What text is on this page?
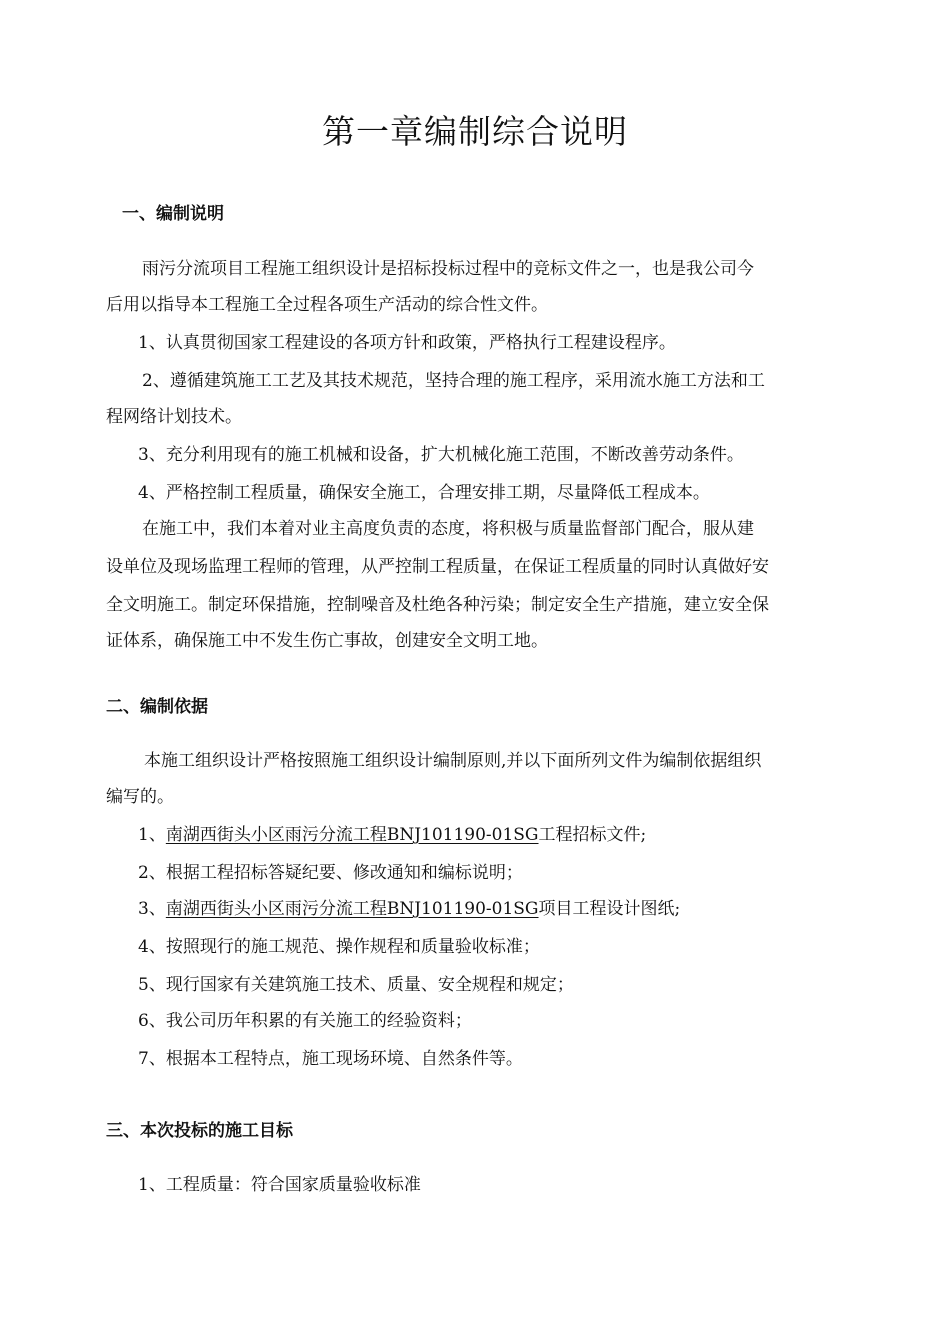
第一章编制综合说明
一、编制说明
雨污分流项目工程施工组织设计是招标投标过程中的竞标文件之一，也是我公司今
后用以指导本工程施工全过程各项生产活动的综合性文件。
1、认真贯彻国家工程建设的各项方针和政策，严格执行工程建设程序。
2、遵循建筑施工工艺及其技术规范，坚持合理的施工程序，采用流水施工方法和工
程网络计划技术。
3、充分利用现有的施工机械和设备，扩大机械化施工范围，不断改善劳动条件。
4、严格控制工程质量，确保安全施工，合理安排工期，尽量降低工程成本。
在施工中，我们本着对业主高度负责的态度，将积极与质量监督部门配合，服从建
设单位及现场监理工程师的管理，从严控制工程质量，在保证工程质量的同时认真做好安
全文明施工。制定环保措施，控制噪音及杜绝各种污染；制定安全生产措施，建立安全保
证体系，确保施工中不发生伤亡事故，创建安全文明工地。
二、编制依据
本施工组织设计严格按照施工组织设计编制原则,并以下面所列文件为编制依据组织
编写的。
1、南湖西街头小区雨污分流工程BNJ101190-01SG工程招标文件;
2、根据工程招标答疑纪要、修改通知和编标说明；
3、南湖西街头小区雨污分流工程BNJ101190-01SG项目工程设计图纸;
4、按照现行的施工规范、操作规程和质量验收标准；
5、现行国家有关建筑施工技术、质量、安全规程和规定；
6、我公司历年积累的有关施工的经验资料；
7、根据本工程特点，施工现场环境、自然条件等。
三、本次投标的施工目标
1、工程质量：符合国家质量验收标准
